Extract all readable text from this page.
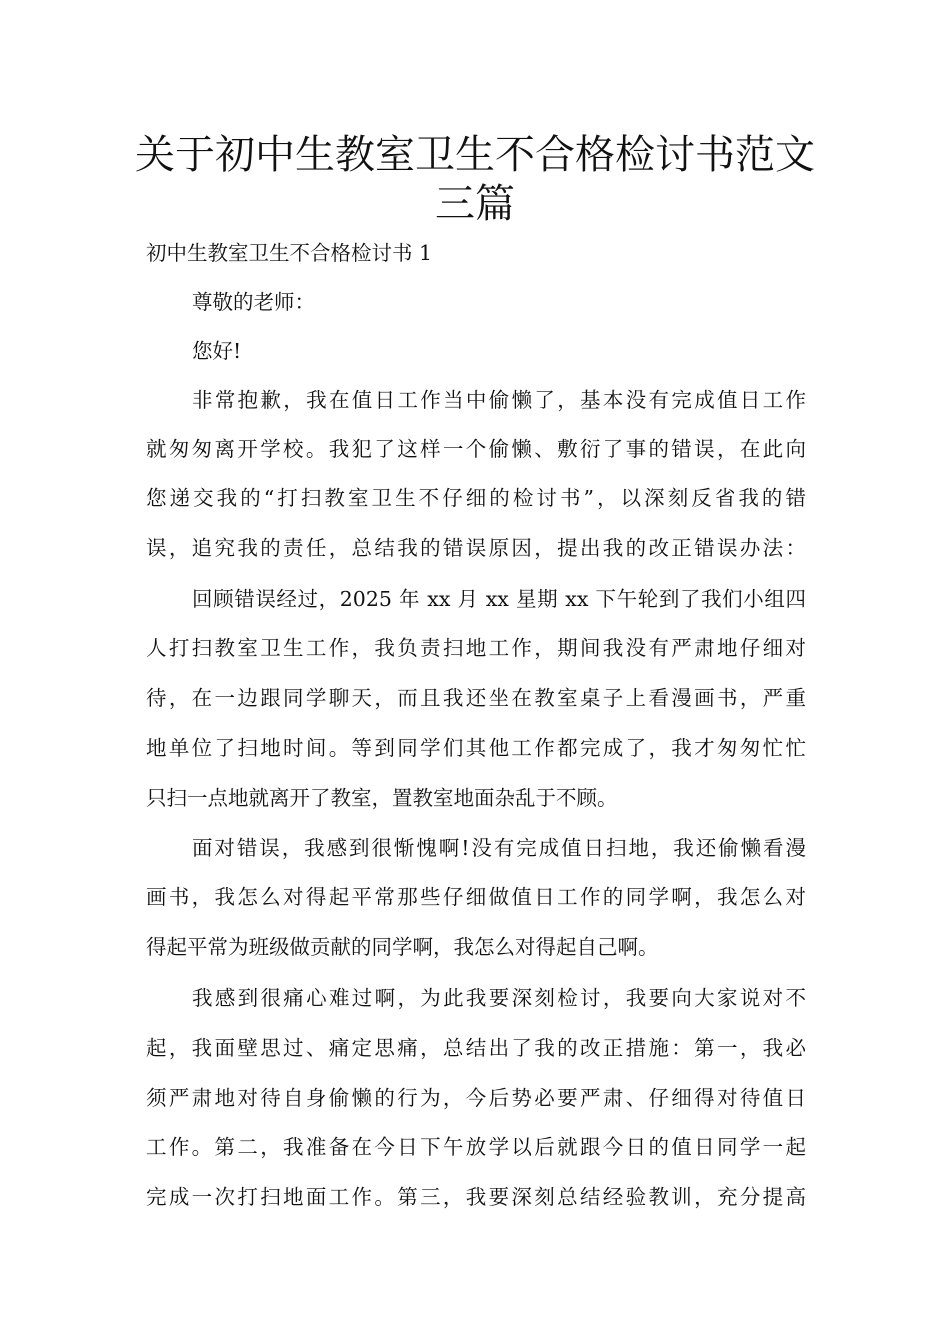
关于初中生教室卫生不合格检讨书范文
三篇
初中生教室卫生不合格检讨书 1
尊敬的老师：
您好!
非常抱歉，我在值日工作当中偷懒了，基本没有完成值日工作
就匆匆离开学校。我犯了这样一个偷懒、敷衍了事的错误，在此向
您递交我的“打扫教室卫生不仔细的检讨书”，以深刻反省我的错
误，追究我的责任，总结我的错误原因，提出我的改正错误办法：
回顾错误经过，2025 年 xx 月 xx 星期 xx 下午轮到了我们小组四
人打扫教室卫生工作，我负责扫地工作，期间我没有严肃地仔细对
待，在一边跟同学聊天，而且我还坐在教室桌子上看漫画书，严重
地单位了扫地时间。等到同学们其他工作都完成了，我才匆匆忙忙
只扫一点地就离开了教室，置教室地面杂乱于不顾。
面对错误，我感到很惭愧啊!没有完成值日扫地，我还偷懒看漫
画书，我怎么对得起平常那些仔细做值日工作的同学啊，我怎么对
得起平常为班级做贡献的同学啊，我怎么对得起自己啊。
我感到很痛心难过啊，为此我要深刻检讨，我要向大家说对不
起，我面壁思过、痛定思痛，总结出了我的改正措施：第一，我必
须严肃地对待自身偷懒的行为，今后势必要严肃、仔细得对待值日
工作。第二，我准备在今日下午放学以后就跟今日的值日同学一起
完成一次打扫地面工作。第三，我要深刻总结经验教训，充分提高
